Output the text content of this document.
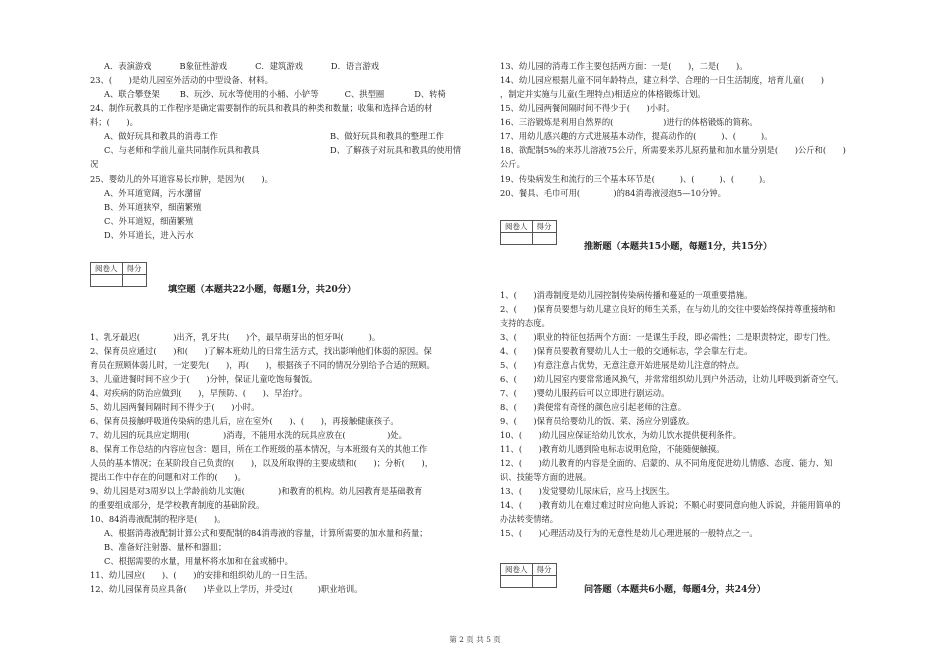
A．表演游戏	B象征性游戏	C．建筑游戏	D．语言游戏
23、(　　)是幼儿园室外活动的中型设备、材料。
A、联合攀登架 B、玩沙、玩水等使用的小桶、小铲等	C、拱型圈	D、转椅
24、制作玩教具的工作程序是确定需要制作的玩具和教具的种类和数量；收集和选择合适的材
料；(　　)。
A、做好玩具和教具的消毒工作	B、做好玩具和教具的整理工作
C、与老师和学前儿童共同制作玩具和教具	D、了解孩子对玩具和教具的使用情
况
25、婴幼儿的外耳道容易长疖肿，是因为(　　)。
A、外耳道宽阔，污水潴留
B、外耳道狭窄，细菌繁殖
C、外耳道短，细菌繁殖
D、外耳道长，进入污水
阅卷人	得分

填空题（本题共22小题，每题1分，共20分）
1、乳牙最迟(　　　　)出齐，乳牙共(　　)个，最早萌芽出的恒牙叫(　　　)。
2、保育员应通过(　　)和(　　)了解本班幼儿的日常生活方式，找出影响他们体弱的原因。保
育员在照顾体弱儿时，一定要先(　　)，再(　　)，根据孩子不同的情况分别给予合适的照顾。
3、儿童进餐时间不应少于(　　)分钟，保证儿童吃饱每餐饭。
4、对疾病的防治应做到(　　)，早预防、(　　)、早治疗。
5、幼儿园两餐间隔时间不得少于(　　)小时。
6、保育员接触呼吸道传染病的患儿后，应在室外(　　)、(　　)，再接触健康孩子。
7、幼儿园的玩具应定期用(　　　　)消毒，不能用水洗的玩具应放在(　　　　　)处。
8、保育工作总结的内容应包含：题目，所在工作班级的基本情况，与本班级有关的其他工作
人员的基本情况；在某阶段自己负责的(　　)，以及所取得的主要成绩和(　　)；分析(　　)，
提出工作中存在的问题和对工作的(　　)。
9、幼儿园是对3周岁以上学龄前幼儿实施(　　　　)和教育的机构。幼儿园教育是基础教育
的重要组成部分，是学校教育制度的基础阶段。
10、84消毒液配制的程序是(　　)。
A、根据消毒液配制计算公式和要配制的84消毒液的容量，计算所需要的加水量和药量；
B、准备好注射器、量杯和器皿；
C、根据需要的水量，用量杯将水加和在盆或桶中。
11、幼儿园应(　　)、(　　)的安排和组织幼儿的一日生活。
12、幼儿园保育员应具备(　　)毕业以上学历，并受过(　　　)职业培训。
13、幼儿园的消毒工作主要包括两方面：一是(　　)，二是(　　)。
14、幼儿园应根据儿童不同年龄特点，建立科学、合理的一日生活制度，培育儿童(　　)
，制定并实施与儿童(生理特点)相适应的体格锻炼计划。
15、幼儿园两餐间隔时间不得少于(　　)小时。
16、三浴锻炼是利用自然界的(　　　　　　)进行的体格锻炼的简称。
17、用幼儿感兴趣的方式进展基本动作，提高动作的(　　　)、(　　　)。
18、欲配制5%的来苏儿溶液75公斤，所需要来苏儿原药量和加水量分别是(　　)公斤和(　　)
公斤。
19、传染病发生和流行的三个基本环节是(　　　)、(　　　)、(　　　)。
20、餐具、毛巾可用(　　　　)的84消毒液浸泡5—10分钟。
阅卷人	得分

推断题（本题共15小题，每题1分，共15分）
1、(　　)消毒制度是幼儿园控制传染病传播和蔓延的一项重要措施。
2、(　　)保育员要想与幼儿建立良好的师生关系，在与幼儿的交往中要始终保持尊重接纳和
支持的态度。
3、(　　)职业的特征包括两个方面：一是课生手段，即必需性；二是职责特定，即专门性。
4、(　　)保育员要教育婴幼儿人士一般的交通标志，学会靠左行走。
5、(　　)有意注意占优势，无意注意开始进展是幼儿注意的特点。
6、(　　)幼儿园室内要常常通风换气，并常常组织幼儿到户外活动，让幼儿呼吸到新奇空气。
7、(　　)婴幼儿服药后可以立即进行剧运动。
8、(　　)粪便常有奇怪的颜色应引起老师的注意。
9、(　　)保育员给婴幼儿的饭、菜、汤应分别盛放。
10、(　　)幼儿园应保证给幼儿饮水，为幼儿饮水提供便利条件。
11、(　　)教育幼儿遇到险电标志说明危险，不能随便触摸。
12、(　　)幼儿教育的内容是全面的、启蒙的、从不同角度促进幼儿情感、态度、能力、知
识、技能等方面的进展。
13、(　　)发觉婴幼儿尿床后，应马上找医生。
14、(　　)教育幼儿在难过难过时应向他人诉说；不顺心时要同意向他人诉说，并能用简单的
办法转变情绪。
15、(　　)心理活动及行为的无意性是幼儿心理进展的一般特点之一。
阅卷人	得分

问答题（本题共6小题，每题4分，共24分）
第 2 页 共 5 页
